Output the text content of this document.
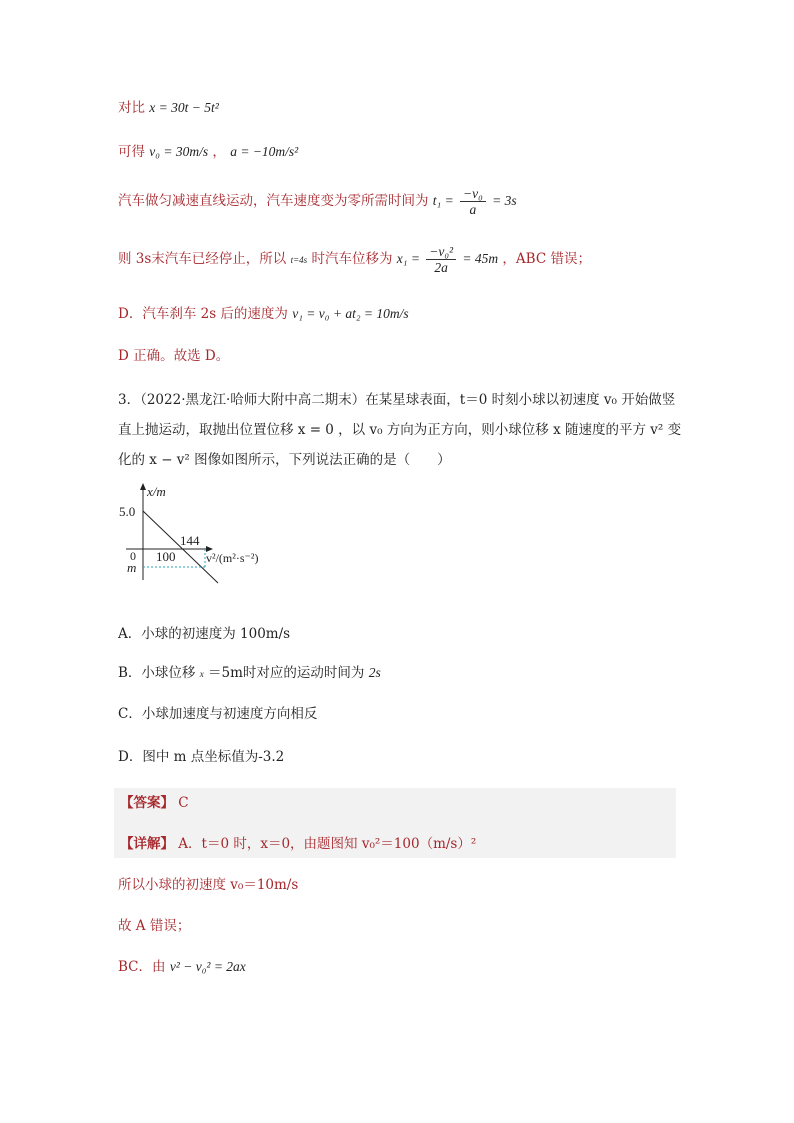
对比 x = 30t − 5t²
可得 v₀ = 30m/s ， a = −10m/s²
汽车做匀减速直线运动，汽车速度变为零所需时间为 $t_1 = \frac{\text{−v₀}}{a} = 3s$
则 3s末汽车已经停止，所以 t=4s 时汽车位移为 $x_1 = \frac{\text{−v₀²}}{2a} = 45m$ ，ABC 错误；
D．汽车刹车 2s 后的速度为 v₁ = v₀ + at₂ = 10m/s
D 正确。故选 D。
3．（2022·黑龙江·哈师大附中高二期末）在某星球表面，t＝0 时刻小球以初速度 v₀ 开始做竖
直上抛运动，取抛出位置位移 x = 0 ，以 v₀ 方向为正方向，则小球位移 x 随速度的平方 v² 变
化的 x − v² 图像如图所示，下列说法正确的是（　　）
x/m
5.0
0 100
144
m
v²/(m²·s⁻²)
A．小球的初速度为 100m/s
B．小球位移 x ＝5m时对应的运动时间为 2s
C．小球加速度与初速度方向相反
D．图中 m 点坐标值为-3.2
【答案】 C
【详解】 A．t＝0 时，x＝0，由题图知 v₀²＝100（m/s）²
所以小球的初速度 v₀＝10m/s
故 A 错误；
BC．由 v² − v₀² = 2ax
